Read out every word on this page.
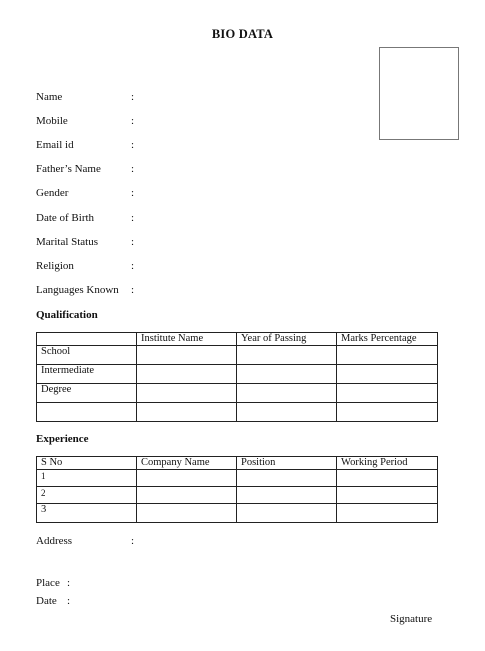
BIO DATA
Name	:
Mobile	:
Email id	:
Father’s Name	:
Gender	:
Date of Birth	:
Marital Status	:
Religion	:
Languages Known :
Qualification
	Institute Name	Year of Passing	Marks Percentage
School			
Intermediate			
Degree			

Experience
S No	Company Name	Position	Working Period
1			
2			
3			
Address	:
Place :
Date :
Signature
